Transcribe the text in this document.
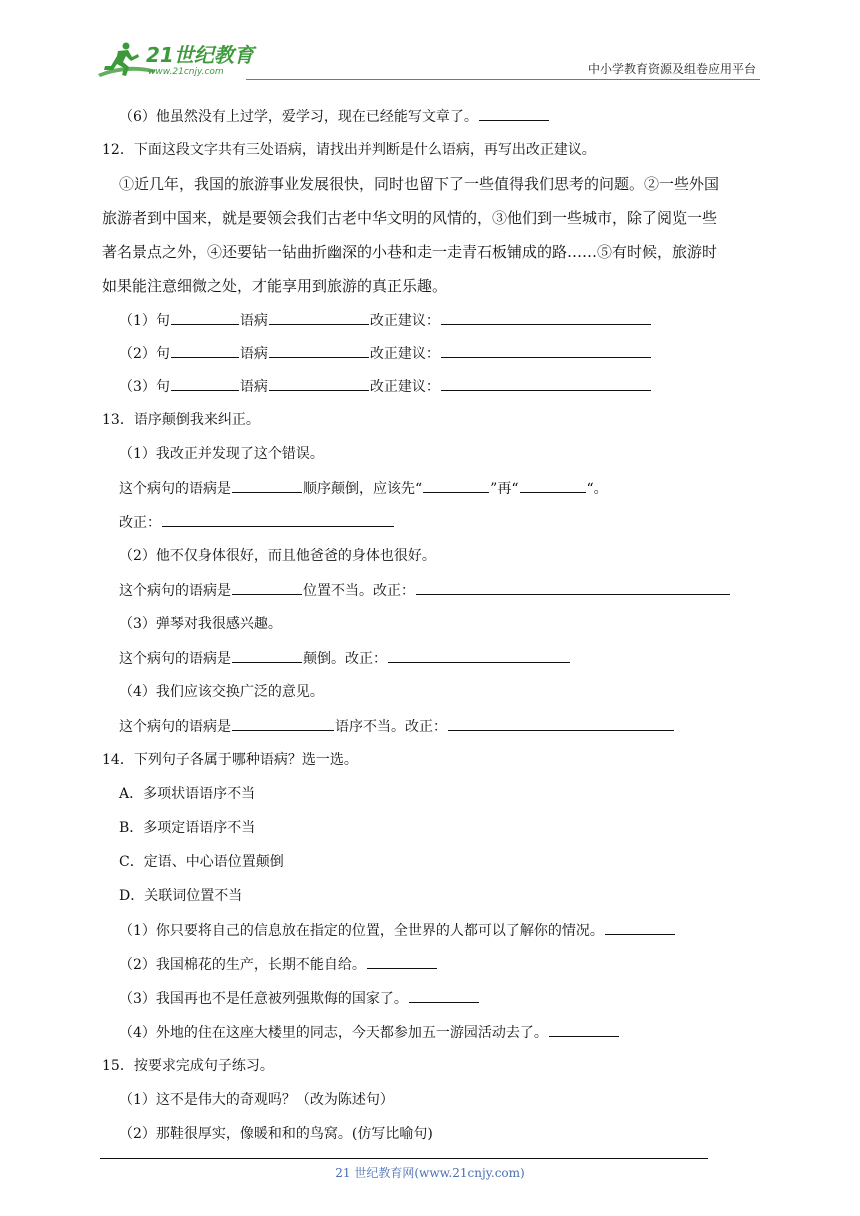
21世纪教育
www.21cnjy.com	中小学教育资源及组卷应用平台
（6）他虽然没有上过学，爱学习，现在已经能写文章了。
12．下面这段文字共有三处语病，请找出并判断是什么语病，再写出改正建议。
①近几年，我国的旅游事业发展很快，同时也留下了一些值得我们思考的问题。②一些外国
旅游者到中国来，就是要领会我们古老中华文明的风情的，③他们到一些城市，除了阅览一些
著名景点之外，④还要钻一钻曲折幽深的小巷和走一走青石板铺成的路……⑤有时候，旅游时
如果能注意细微之处，才能享用到旅游的真正乐趣。
（1）句	语病	改正建议：
（2）句	语病	改正建议：
（3）句	语病	改正建议：
13．语序颠倒我来纠正。
（1）我改正并发现了这个错误。
这个病句的语病是	顺序颠倒，应该先“	”再“	“。
改正：
（2）他不仅身体很好，而且他爸爸的身体也很好。
这个病句的语病是	位置不当。改正：
（3）弹琴对我很感兴趣。
这个病句的语病是	颠倒。改正：
（4）我们应该交换广泛的意见。
这个病句的语病是	语序不当。改正：
14．下列句子各属于哪种语病？选一选。
A．多项状语语序不当
B．多项定语语序不当
C．定语、中心语位置颠倒
D．关联词位置不当
（1）你只要将自己的信息放在指定的位置，全世界的人都可以了解你的情况。
（2）我国棉花的生产，长期不能自给。
（3）我国再也不是任意被列强欺侮的国家了。
（4）外地的住在这座大楼里的同志，今天都参加五一游园活动去了。
15．按要求完成句子练习。
（1）这不是伟大的奇观吗？（改为陈述句）
（2）那鞋很厚实，像暖和和的鸟窝。(仿写比喻句)
21 世纪教育网(www.21cnjy.com)
